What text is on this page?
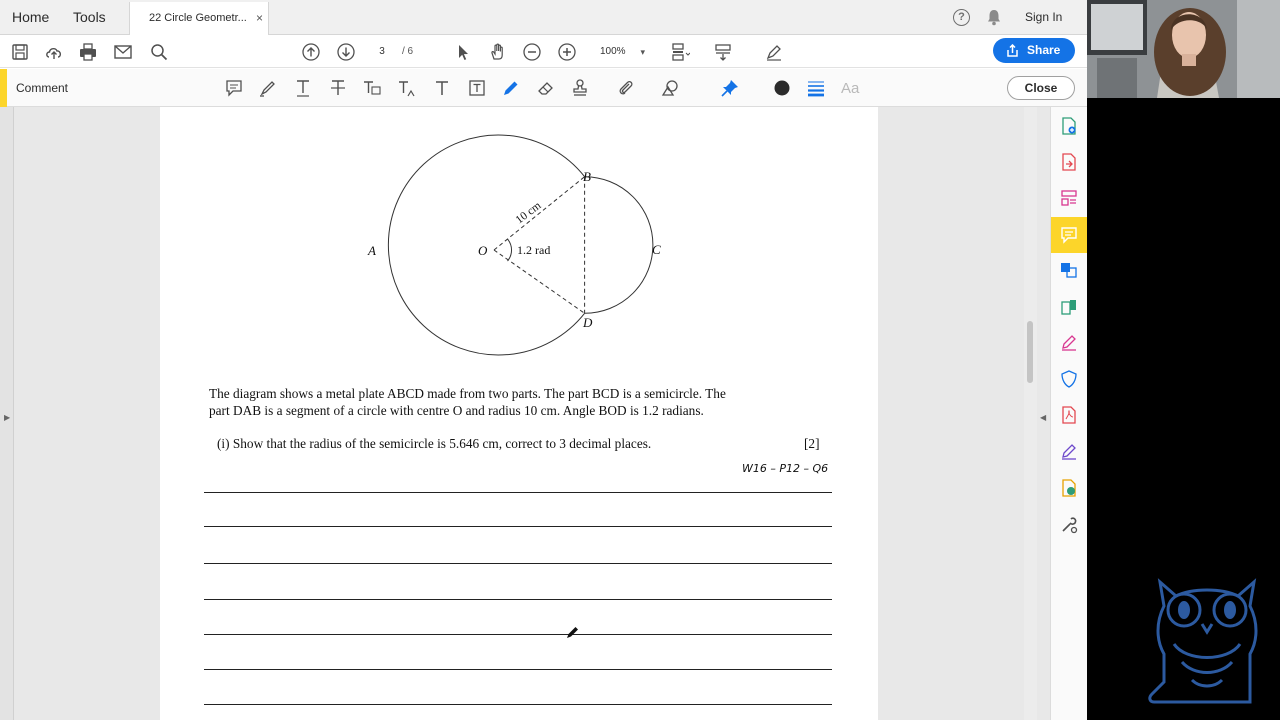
Home Tools	22 Circle Geometr... ×	?	Sign In
3	/ 6	100% ▾	Share
Comment	Aa	Close
▶
A
B
C
D
O
10 cm
1.2 rad
The diagram shows a metal plate ABCD made from two parts. The part BCD is a semicircle. The
part DAB is a segment of a circle with centre O and radius 10 cm. Angle BOD is 1.2 radians.
(i) Show that the radius of the semicircle is 5.646 cm, correct to 3 decimal places.	[2]
W16 – P12 – Q6
◀
